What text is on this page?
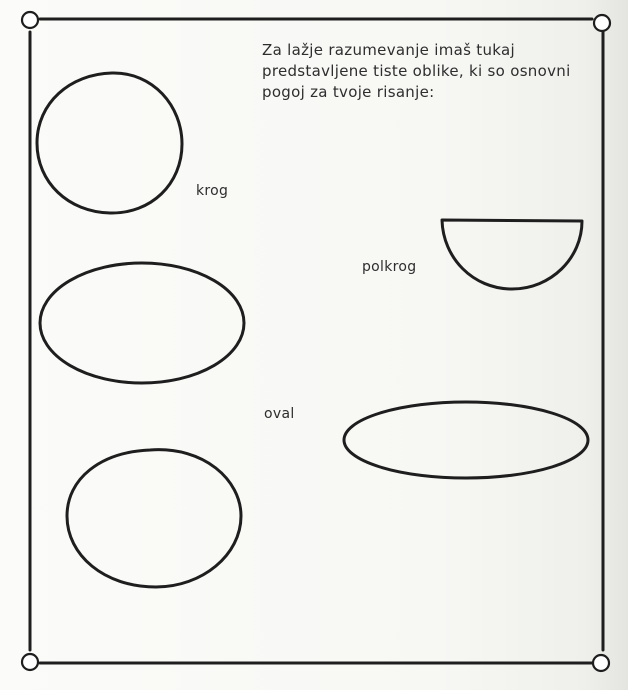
Za lažje razumevanje imaš tukaj
predstavljene tiste oblike, ki so osnovni
pogoj za tvoje risanje:
krog
polkrog
oval
